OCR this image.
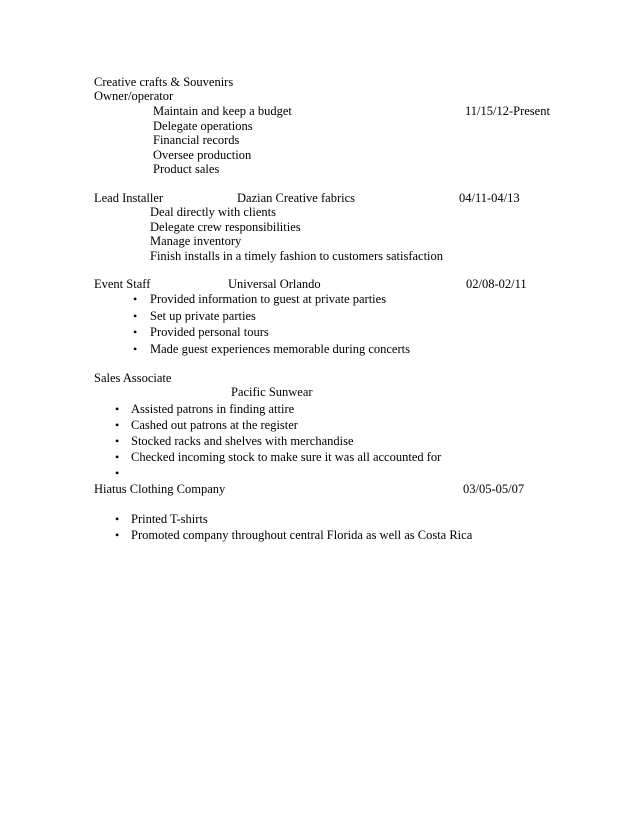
Creative crafts & Souvenirs
Owner/operator
Maintain and keep a budget	11/15/12-Present
Delegate operations
Financial records
Oversee production
Product sales
Lead Installer	Dazian Creative fabrics	04/11-04/13
Deal directly with clients
Delegate crew responsibilities
Manage inventory
Finish installs in a timely fashion to customers satisfaction
Event Staff	Universal Orlando	02/08-02/11
• Provided information to guest at private parties
• Set up private parties
• Provided personal tours
• Made guest experiences memorable during concerts
Sales Associate
Pacific Sunwear
• Assisted patrons in finding attire
• Cashed out patrons at the register
• Stocked racks and shelves with merchandise
• Checked incoming stock to make sure it was all accounted for
•
Hiatus Clothing Company	03/05-05/07
• Printed T-shirts
• Promoted company throughout central Florida as well as Costa Rica
